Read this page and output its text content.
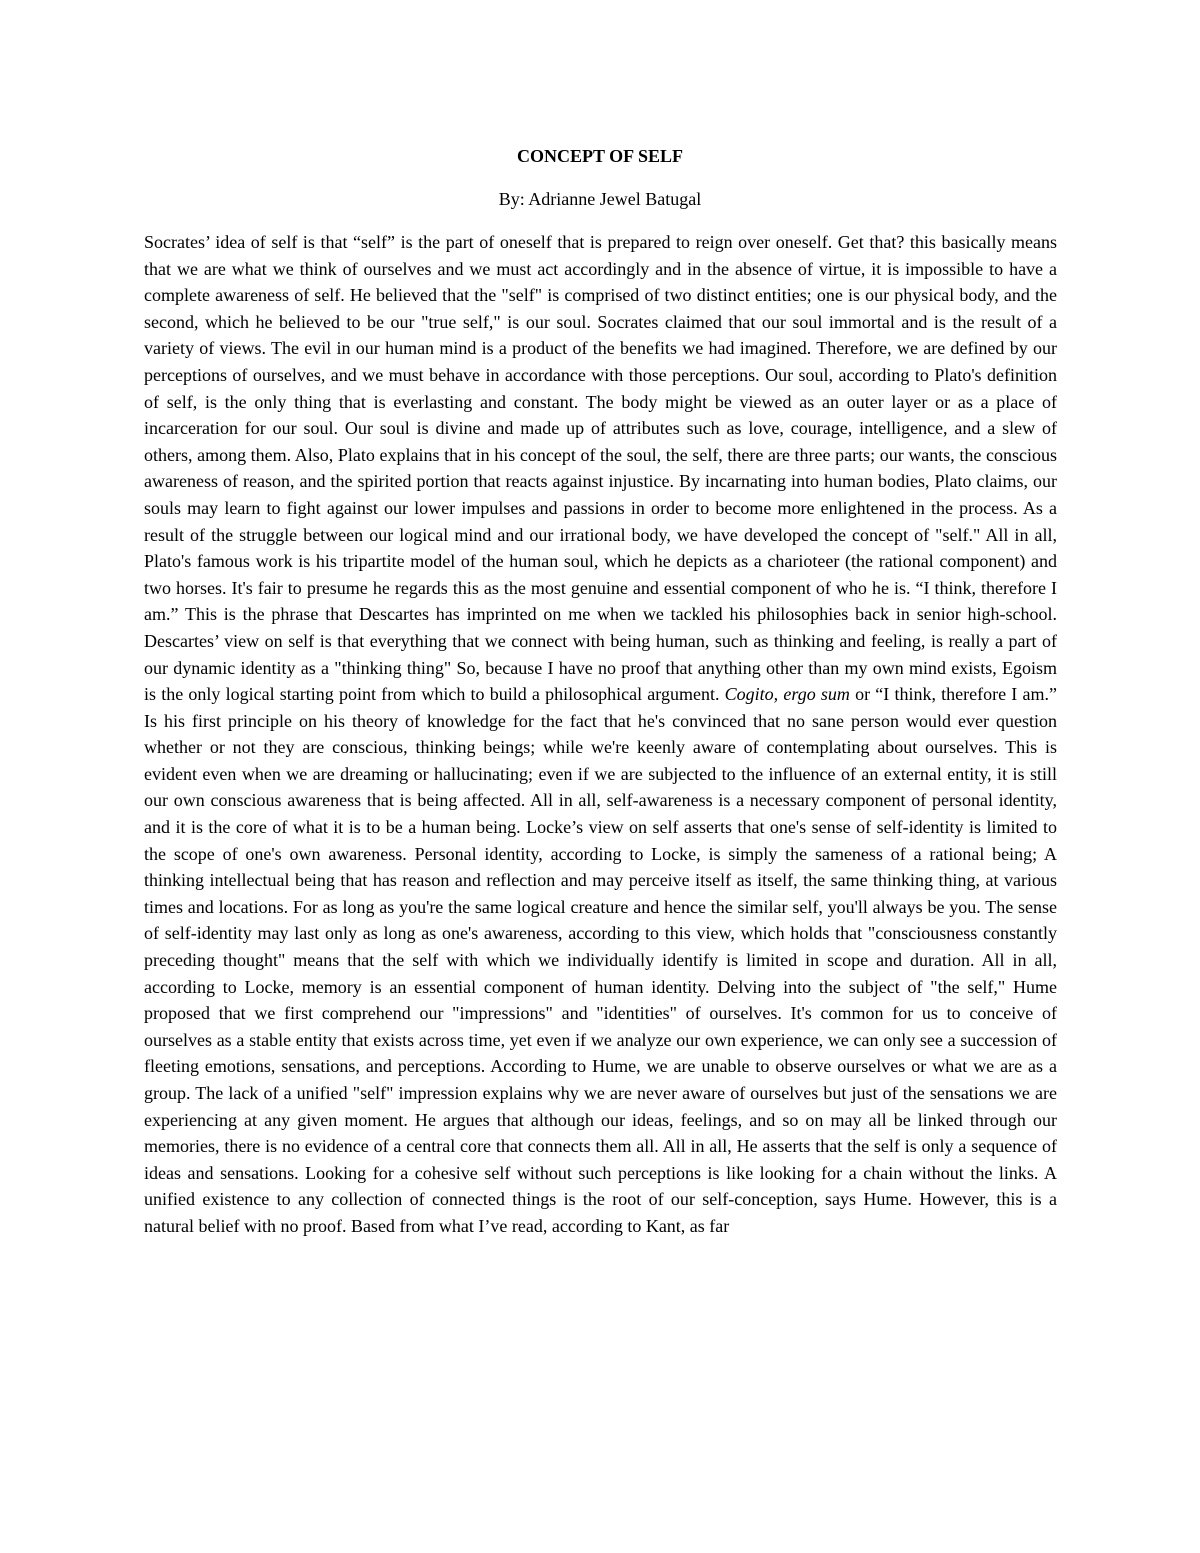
CONCEPT OF SELF

By: Adrianne Jewel Batugal

Socrates’ idea of self is that “self” is the part of oneself that is prepared to reign over oneself. Get that? this basically means that we are what we think of ourselves and we must act accordingly and in the absence of virtue, it is impossible to have a complete awareness of self. He believed that the "self" is comprised of two distinct entities; one is our physical body, and the second, which he believed to be our "true self," is our soul. Socrates claimed that our soul immortal and is the result of a variety of views. The evil in our human mind is a product of the benefits we had imagined. Therefore, we are defined by our perceptions of ourselves, and we must behave in accordance with those perceptions. Our soul, according to Plato's definition of self, is the only thing that is everlasting and constant. The body might be viewed as an outer layer or as a place of incarceration for our soul. Our soul is divine and made up of attributes such as love, courage, intelligence, and a slew of others, among them. Also, Plato explains that in his concept of the soul, the self, there are three parts; our wants, the conscious awareness of reason, and the spirited portion that reacts against injustice. By incarnating into human bodies, Plato claims, our souls may learn to fight against our lower impulses and passions in order to become more enlightened in the process. As a result of the struggle between our logical mind and our irrational body, we have developed the concept of "self." All in all, Plato's famous work is his tripartite model of the human soul, which he depicts as a charioteer (the rational component) and two horses. It's fair to presume he regards this as the most genuine and essential component of who he is. “I think, therefore I am.” This is the phrase that Descartes has imprinted on me when we tackled his philosophies back in senior high-school. Descartes’ view on self is that everything that we connect with being human, such as thinking and feeling, is really a part of our dynamic identity as a "thinking thing" So, because I have no proof that anything other than my own mind exists, Egoism is the only logical starting point from which to build a philosophical argument. Cogito, ergo sum or “I think, therefore I am.” Is his first principle on his theory of knowledge for the fact that he's convinced that no sane person would ever question whether or not they are conscious, thinking beings; while we're keenly aware of contemplating about ourselves. This is evident even when we are dreaming or hallucinating; even if we are subjected to the influence of an external entity, it is still our own conscious awareness that is being affected. All in all, self-awareness is a necessary component of personal identity, and it is the core of what it is to be a human being. Locke’s view on self asserts that one's sense of self-identity is limited to the scope of one's own awareness. Personal identity, according to Locke, is simply the sameness of a rational being; A thinking intellectual being that has reason and reflection and may perceive itself as itself, the same thinking thing, at various times and locations. For as long as you're the same logical creature and hence the similar self, you'll always be you. The sense of self-identity may last only as long as one's awareness, according to this view, which holds that "consciousness constantly preceding thought" means that the self with which we individually identify is limited in scope and duration. All in all, according to Locke, memory is an essential component of human identity. Delving into the subject of "the self," Hume proposed that we first comprehend our "impressions" and "identities" of ourselves. It's common for us to conceive of ourselves as a stable entity that exists across time, yet even if we analyze our own experience, we can only see a succession of fleeting emotions, sensations, and perceptions. According to Hume, we are unable to observe ourselves or what we are as a group. The lack of a unified "self" impression explains why we are never aware of ourselves but just of the sensations we are experiencing at any given moment. He argues that although our ideas, feelings, and so on may all be linked through our memories, there is no evidence of a central core that connects them all. All in all, He asserts that the self is only a sequence of ideas and sensations. Looking for a cohesive self without such perceptions is like looking for a chain without the links. A unified existence to any collection of connected things is the root of our self-conception, says Hume. However, this is a natural belief with no proof. Based from what I’ve read, according to Kant, as far
